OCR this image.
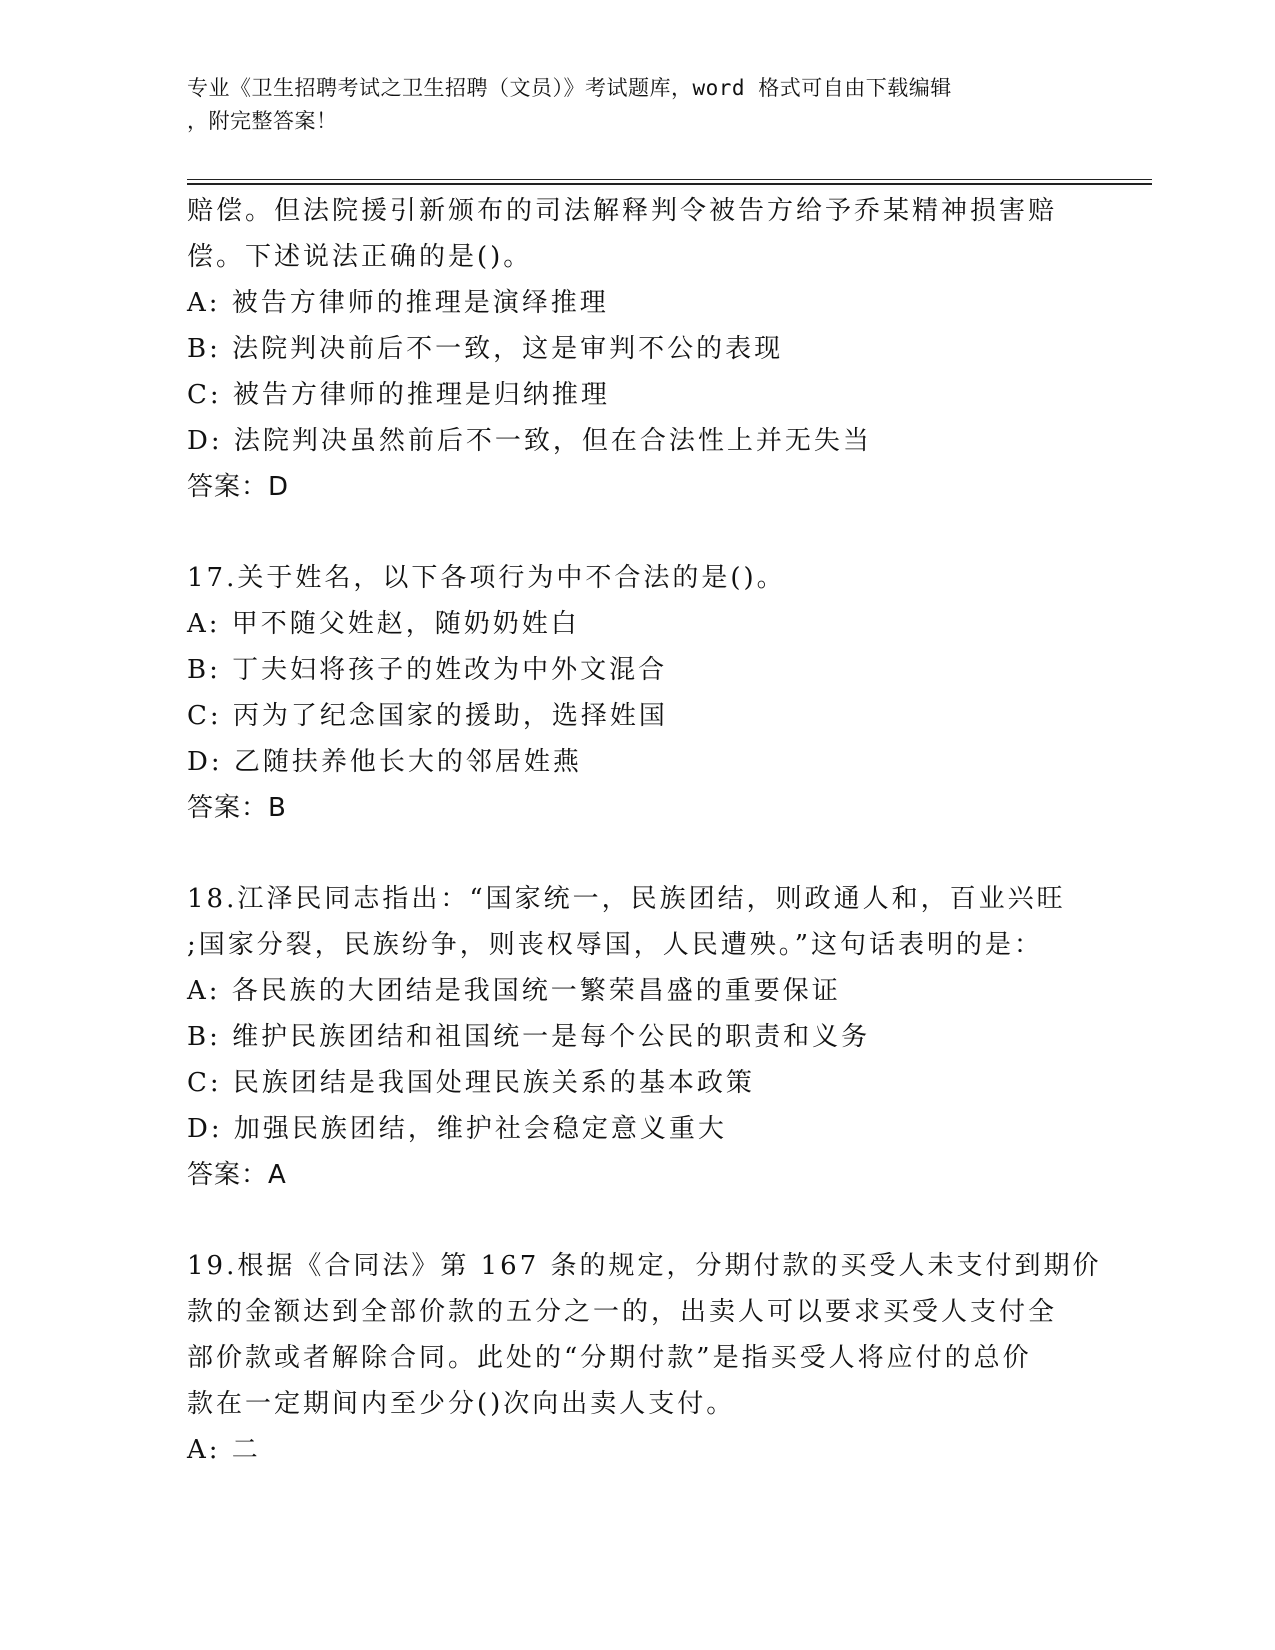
专业《卫生招聘考试之卫生招聘（文员）》考试题库，word 格式可自由下载编辑
，附完整答案！
赔偿。但法院援引新颁布的司法解释判令被告方给予乔某精神损害赔
偿。下述说法正确的是()。
A: 被告方律师的推理是演绎推理
B: 法院判决前后不一致，这是审判不公的表现
C: 被告方律师的推理是归纳推理
D: 法院判决虽然前后不一致，但在合法性上并无失当
答案：D
17.关于姓名，以下各项行为中不合法的是()。
A: 甲不随父姓赵，随奶奶姓白
B: 丁夫妇将孩子的姓改为中外文混合
C: 丙为了纪念国家的援助，选择姓国
D: 乙随扶养他长大的邻居姓燕
答案：B
18.江泽民同志指出：“国家统一，民族团结，则政通人和，百业兴旺
;国家分裂，民族纷争，则丧权辱国，人民遭殃。”这句话表明的是：
A: 各民族的大团结是我国统一繁荣昌盛的重要保证
B: 维护民族团结和祖国统一是每个公民的职责和义务
C: 民族团结是我国处理民族关系的基本政策
D: 加强民族团结，维护社会稳定意义重大
答案：A
19.根据《合同法》第 167 条的规定，分期付款的买受人未支付到期价
款的金额达到全部价款的五分之一的，出卖人可以要求买受人支付全
部价款或者解除合同。此处的“分期付款”是指买受人将应付的总价
款在一定期间内至少分()次向出卖人支付。
A: 二
